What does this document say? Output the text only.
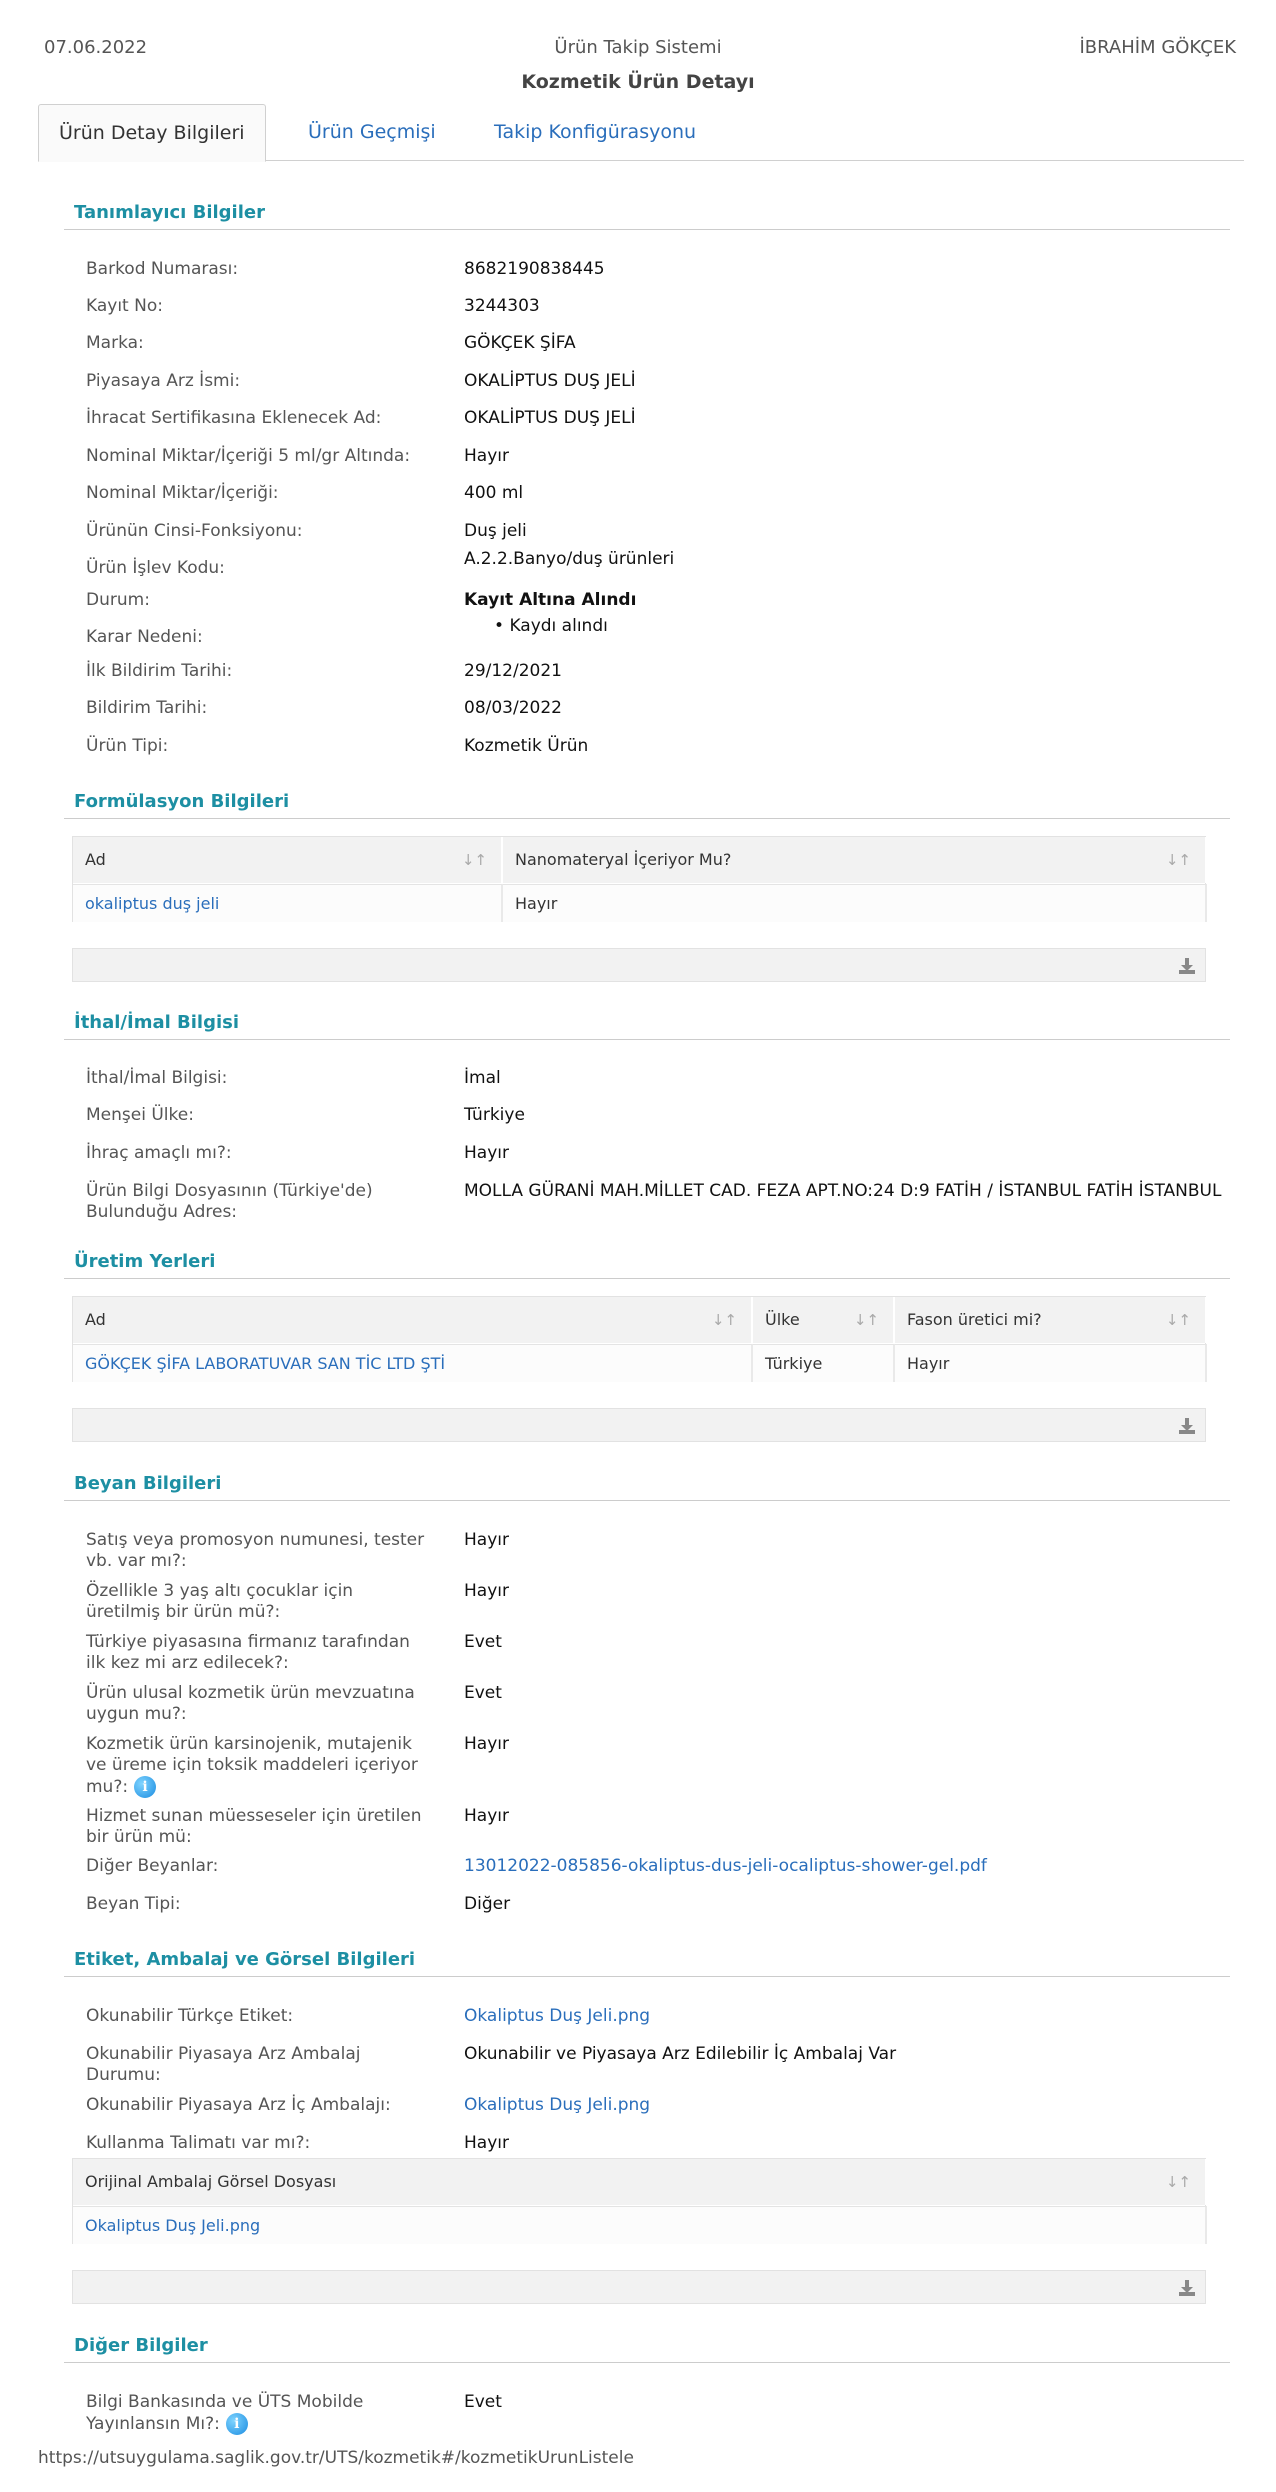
07.06.2022	Ürün Takip Sistemi	İBRAHİM GÖKÇEK
Kozmetik Ürün Detayı
Ürün Detay Bilgileri	Ürün Geçmişi	Takip Konfigürasyonu
Tanımlayıcı Bilgiler
Barkod Numarası:	8682190838445
Kayıt No:	3244303
Marka:	GÖKÇEK ŞİFA
Piyasaya Arz İsmi:	OKALİPTUS DUŞ JELİ
İhracat Sertifikasına Eklenecek Ad:	OKALİPTUS DUŞ JELİ
Nominal Miktar/İçeriği 5 ml/gr Altında:	Hayır
Nominal Miktar/İçeriği:	400 ml
Ürünün Cinsi-Fonksiyonu:	Duş jeli
Ürün İşlev Kodu:	A.2.2.Banyo/duş ürünleri
Durum:	Kayıt Altına Alındı
Karar Nedeni:
• Kaydı alındı
İlk Bildirim Tarihi:	29/12/2021
Bildirim Tarihi:	08/03/2022
Ürün Tipi:	Kozmetik Ürün
Formülasyon Bilgileri
Ad	↓↑	Nanomateryal İçeriyor Mu?	↓↑
okaliptus duş jeli	Hayır
İthal/İmal Bilgisi
İthal/İmal Bilgisi:	İmal
Menşei Ülke:	Türkiye
İhraç amaçlı mı?:	Hayır
Ürün Bilgi Dosyasının (Türkiye'de) Bulunduğu Adres:
MOLLA GÜRANİ MAH.MİLLET CAD. FEZA APT.NO:24 D:9 FATİH / İSTANBUL FATİH İSTANBUL
Üretim Yerleri
Ad	↓↑	Ülke	↓↑	Fason üretici mi?	↓↑
GÖKÇEK ŞİFA LABORATUVAR SAN TİC LTD ŞTİ	Türkiye	Hayır
Beyan Bilgileri
Satış veya promosyon numunesi, tester vb. var mı?:
Hayır
Özellikle 3 yaş altı çocuklar için üretilmiş bir ürün mü?:
Hayır
Türkiye piyasasına firmanız tarafından ilk kez mi arz edilecek?:
Evet
Ürün ulusal kozmetik ürün mevzuatına uygun mu?:
Evet
Kozmetik ürün karsinojenik, mutajenik ve üreme için toksik maddeleri içeriyor mu?: i
Hayır
Hizmet sunan müesseseler için üretilen bir ürün mü:
Hayır
Diğer Beyanlar:	13012022-085856-okaliptus-dus-jeli-ocaliptus-shower-gel.pdf
Beyan Tipi:	Diğer
Etiket, Ambalaj ve Görsel Bilgileri
Okunabilir Türkçe Etiket:	Okaliptus Duş Jeli.png
Okunabilir Piyasaya Arz Ambalaj Durumu:
Okunabilir ve Piyasaya Arz Edilebilir İç Ambalaj Var
Okunabilir Piyasaya Arz İç Ambalajı:	Okaliptus Duş Jeli.png
Kullanma Talimatı var mı?:	Hayır
Orijinal Ambalaj Görsel Dosyası	↓↑
Okaliptus Duş Jeli.png
Diğer Bilgiler
Bilgi Bankasında ve ÜTS Mobilde Yayınlansın Mı?: i
Evet
https://utsuygulama.saglik.gov.tr/UTS/kozmetik#/kozmetikUrunListele
